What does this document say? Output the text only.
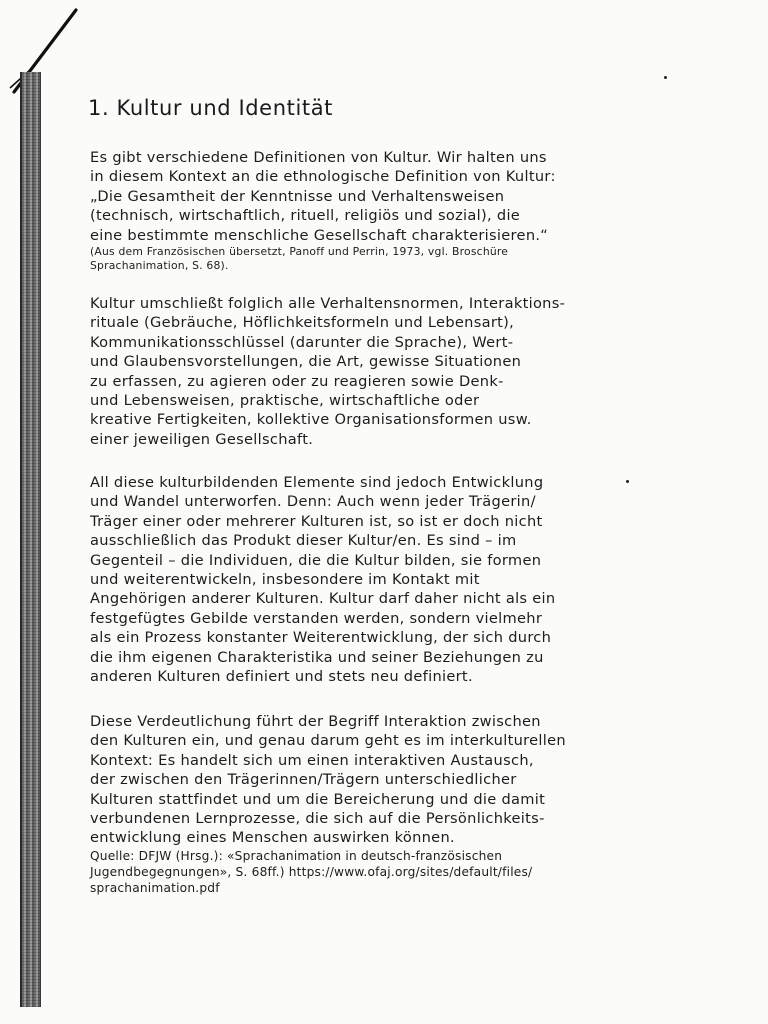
1. Kultur und Identität
Es gibt verschiedene Definitionen von Kultur. Wir halten uns
in diesem Kontext an die ethnologische Definition von Kultur:
„Die Gesamtheit der Kenntnisse und Verhaltensweisen
(technisch, wirtschaftlich, rituell, religiös und sozial), die
eine bestimmte menschliche Gesellschaft charakterisieren.“
(Aus dem Französischen übersetzt, Panoff und Perrin, 1973, vgl. Broschüre
Sprachanimation, S. 68).
Kultur umschließt folglich alle Verhaltensnormen, Interaktions-
rituale (Gebräuche, Höflichkeitsformeln und Lebensart),
Kommunikationsschlüssel (darunter die Sprache), Wert-
und Glaubensvorstellungen, die Art, gewisse Situationen
zu erfassen, zu agieren oder zu reagieren sowie Denk-
und Lebensweisen, praktische, wirtschaftliche oder
kreative Fertigkeiten, kollektive Organisationsformen usw.
einer jeweiligen Gesellschaft.
All diese kulturbildenden Elemente sind jedoch Entwicklung
und Wandel unterworfen. Denn: Auch wenn jeder Trägerin/
Träger einer oder mehrerer Kulturen ist, so ist er doch nicht
ausschließlich das Produkt dieser Kultur/en. Es sind – im
Gegenteil – die Individuen, die die Kultur bilden, sie formen
und weiterentwickeln, insbesondere im Kontakt mit
Angehörigen anderer Kulturen. Kultur darf daher nicht als ein
festgefügtes Gebilde verstanden werden, sondern vielmehr
als ein Prozess konstanter Weiterentwicklung, der sich durch
die ihm eigenen Charakteristika und seiner Beziehungen zu
anderen Kulturen definiert und stets neu definiert.
Diese Verdeutlichung führt der Begriff Interaktion zwischen
den Kulturen ein, und genau darum geht es im interkulturellen
Kontext: Es handelt sich um einen interaktiven Austausch,
der zwischen den Trägerinnen/Trägern unterschiedlicher
Kulturen stattfindet und um die Bereicherung und die damit
verbundenen Lernprozesse, die sich auf die Persönlichkeits-
entwicklung eines Menschen auswirken können.
Quelle: DFJW (Hrsg.): «Sprachanimation in deutsch-französischen
Jugendbegegnungen», S. 68ff.) https://www.ofaj.org/sites/default/files/
sprachanimation.pdf
